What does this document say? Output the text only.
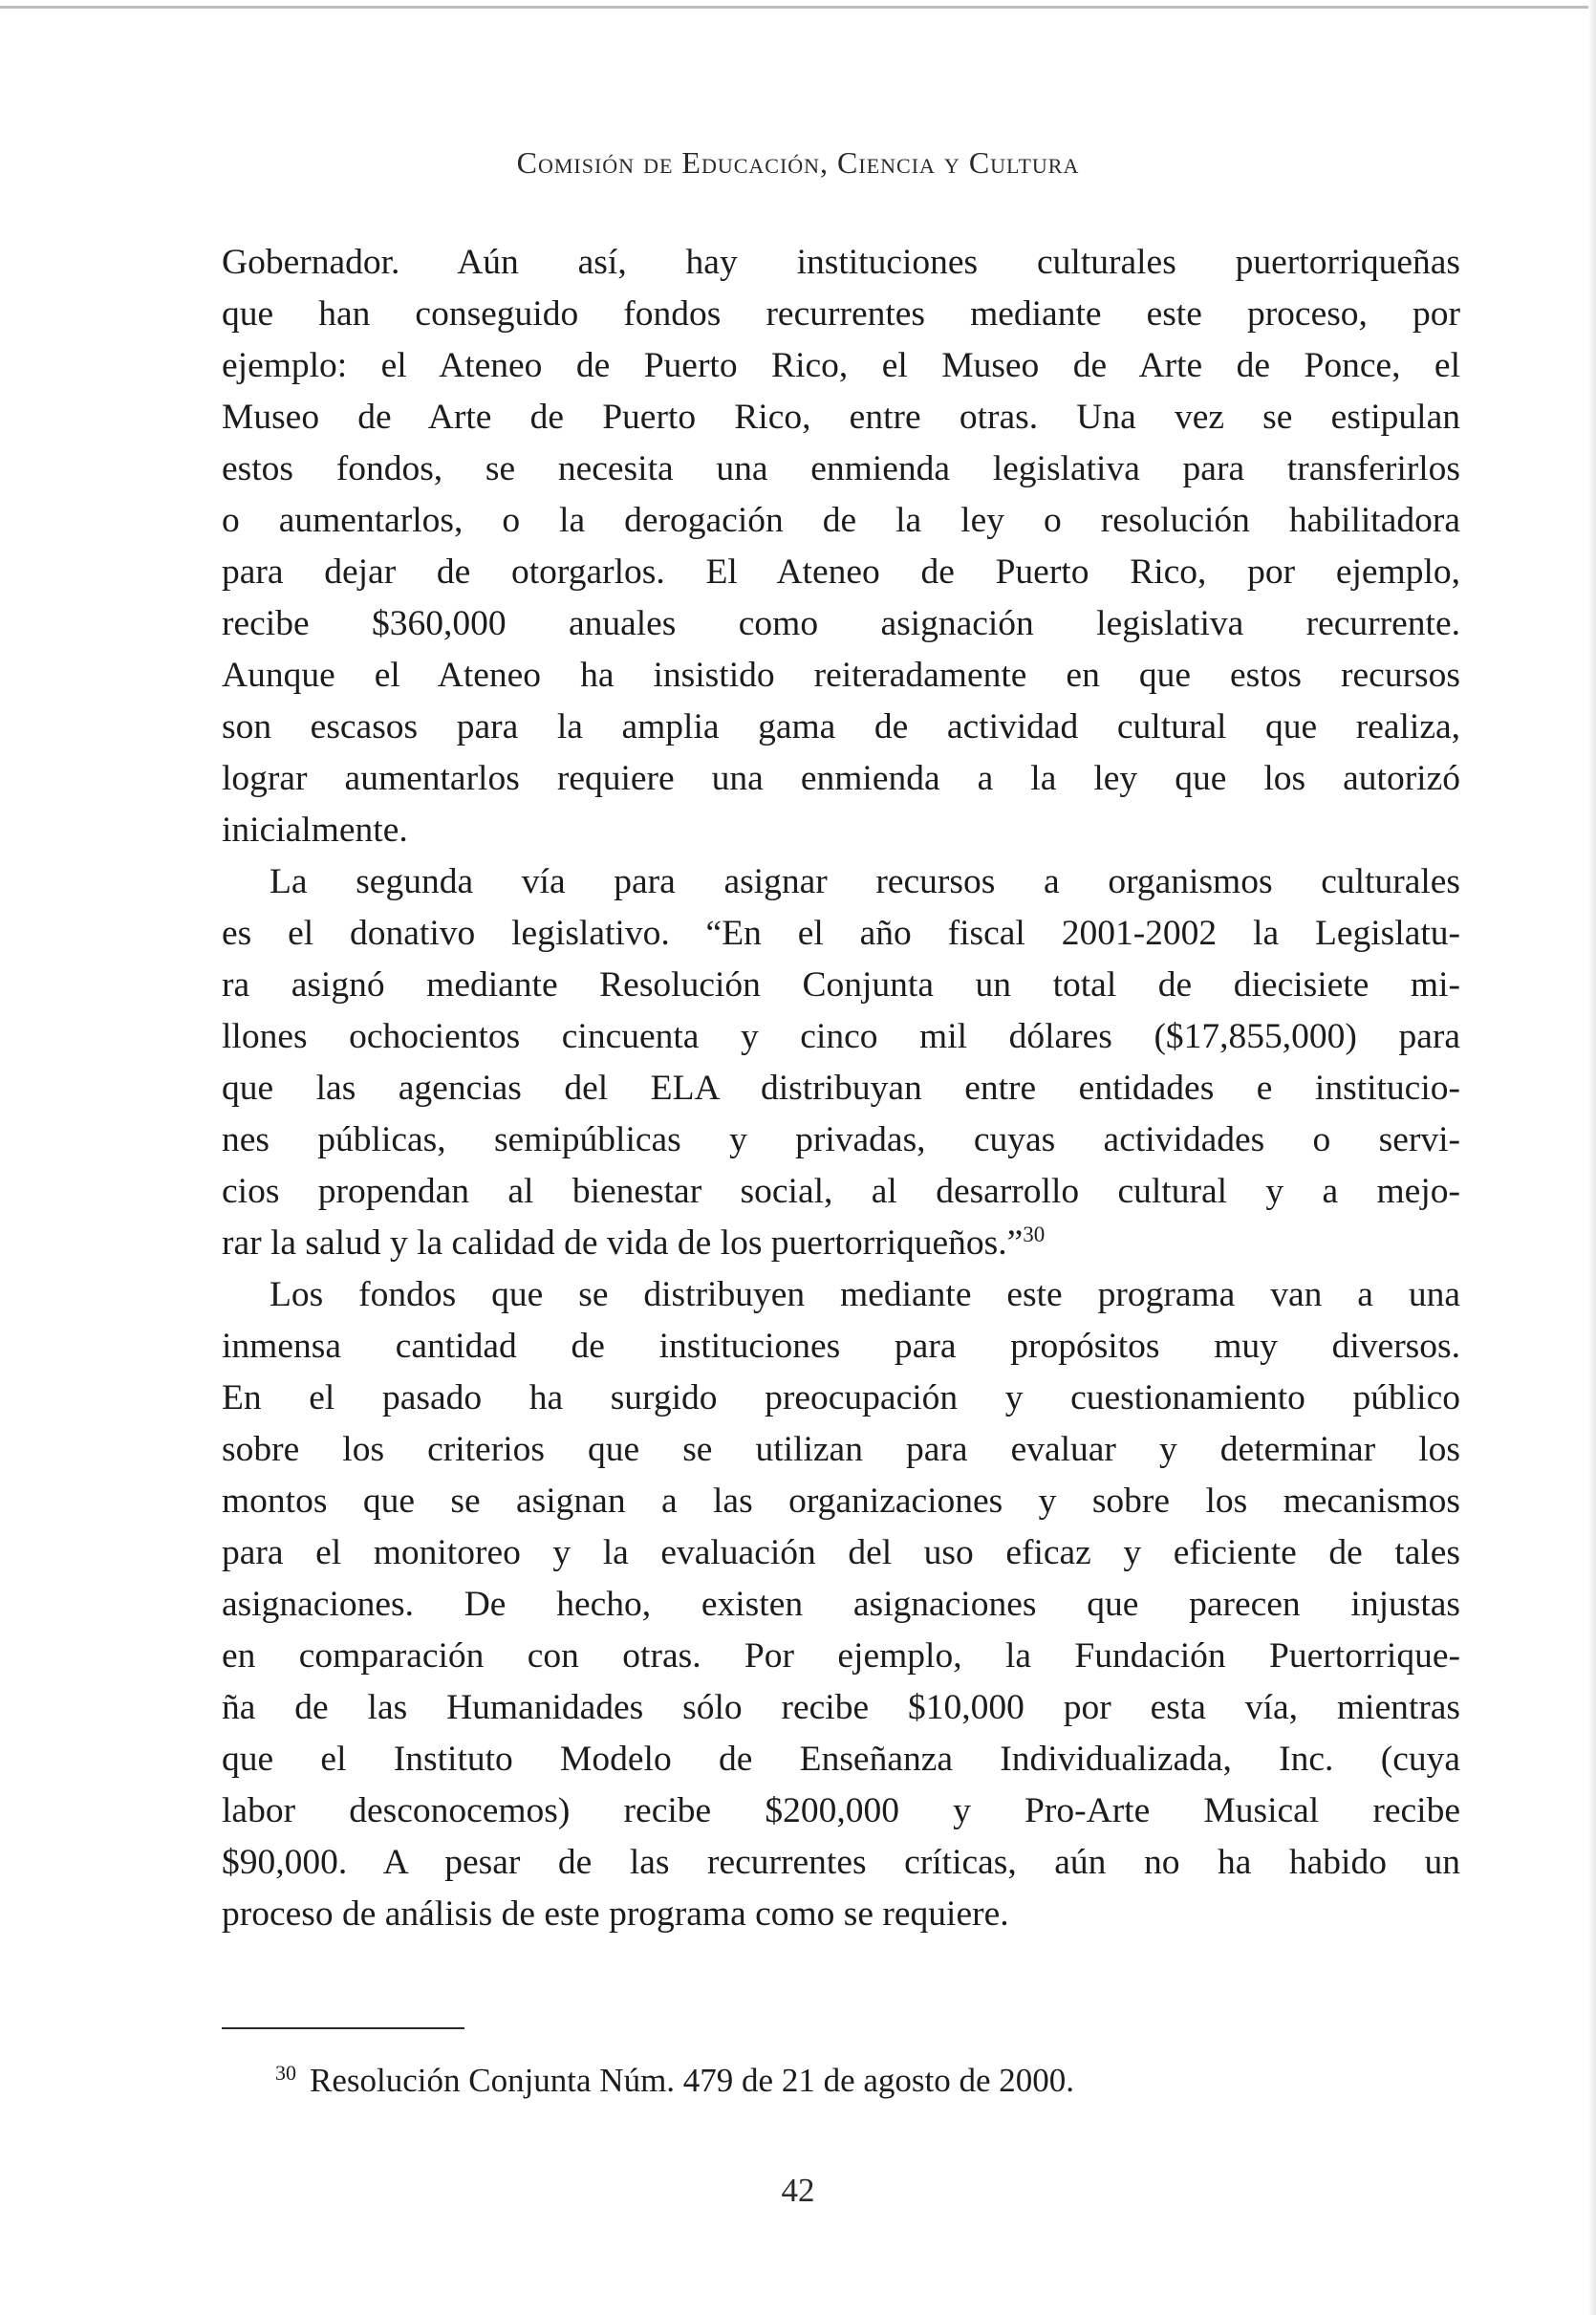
Comisión de Educación, Ciencia y Cultura
Gobernador. Aún así, hay instituciones culturales puertorriqueñas
que han conseguido fondos recurrentes mediante este proceso, por
ejemplo: el Ateneo de Puerto Rico, el Museo de Arte de Ponce, el
Museo de Arte de Puerto Rico, entre otras. Una vez se estipulan
estos fondos, se necesita una enmienda legislativa para transferirlos
o aumentarlos, o la derogación de la ley o resolución habilitadora
para dejar de otorgarlos. El Ateneo de Puerto Rico, por ejemplo,
recibe $360,000 anuales como asignación legislativa recurrente.
Aunque el Ateneo ha insistido reiteradamente en que estos recursos
son escasos para la amplia gama de actividad cultural que realiza,
lograr aumentarlos requiere una enmienda a la ley que los autorizó
inicialmente.
La segunda vía para asignar recursos a organismos culturales
es el donativo legislativo. “En el año fiscal 2001-2002 la Legislatu-
ra asignó mediante Resolución Conjunta un total de diecisiete mi-
llones ochocientos cincuenta y cinco mil dólares ($17,855,000) para
que las agencias del ELA distribuyan entre entidades e institucio-
nes públicas, semipúblicas y privadas, cuyas actividades o servi-
cios propendan al bienestar social, al desarrollo cultural y a mejo-
rar la salud y la calidad de vida de los puertorriqueños.”$^{30}$
Los fondos que se distribuyen mediante este programa van a una
inmensa cantidad de instituciones para propósitos muy diversos.
En el pasado ha surgido preocupación y cuestionamiento público
sobre los criterios que se utilizan para evaluar y determinar los
montos que se asignan a las organizaciones y sobre los mecanismos
para el monitoreo y la evaluación del uso eficaz y eficiente de tales
asignaciones. De hecho, existen asignaciones que parecen injustas
en comparación con otras. Por ejemplo, la Fundación Puertorrique-
ña de las Humanidades sólo recibe $10,000 por esta vía, mientras
que el Instituto Modelo de Enseñanza Individualizada, Inc. (cuya
labor desconocemos) recibe $200,000 y Pro-Arte Musical recibe
$90,000. A pesar de las recurrentes críticas, aún no ha habido un
proceso de análisis de este programa como se requiere.
$^{30}$ Resolución Conjunta Núm. 479 de 21 de agosto de 2000.
42
